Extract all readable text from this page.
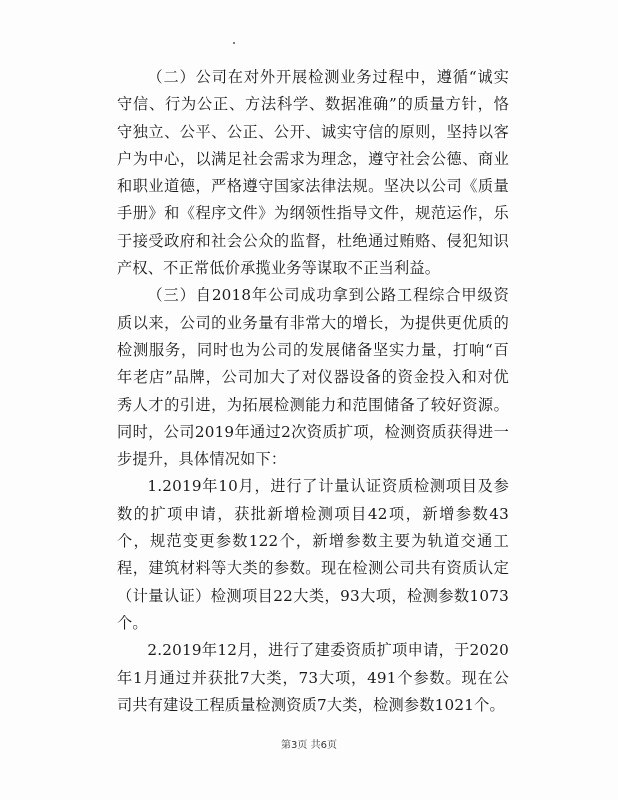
（二）公司在对外开展检测业务过程中，遵循“诚实守信、行为公正、方法科学、数据准确”的质量方针，恪守独立、公平、公正、公开、诚实守信的原则，坚持以客户为中心，以满足社会需求为理念，遵守社会公德、商业和职业道德，严格遵守国家法律法规。坚决以公司《质量手册》和《程序文件》为纲领性指导文件，规范运作，乐于接受政府和社会公众的监督，杜绝通过贿赂、侵犯知识产权、不正常低价承揽业务等谋取不正当利益。

（三）自2018年公司成功拿到公路工程综合甲级资质以来，公司的业务量有非常大的增长，为提供更优质的检测服务，同时也为公司的发展储备坚实力量，打响“百年老店”品牌，公司加大了对仪器设备的资金投入和对优秀人才的引进，为拓展检测能力和范围储备了较好资源。同时，公司2019年通过2次资质扩项，检测资质获得进一步提升，具体情况如下：

1.2019年10月，进行了计量认证资质检测项目及参数的扩项申请，获批新增检测项目42项，新增参数43个，规范变更参数122个，新增参数主要为轨道交通工程，建筑材料等大类的参数。现在检测公司共有资质认定（计量认证）检测项目22大类，93大项，检测参数1073个。

2.2019年12月，进行了建委资质扩项申请，于2020年1月通过并获批7大类，73大项，491个参数。现在公司共有建设工程质量检测资质7大类，检测参数1021个。

第3页 共6页
